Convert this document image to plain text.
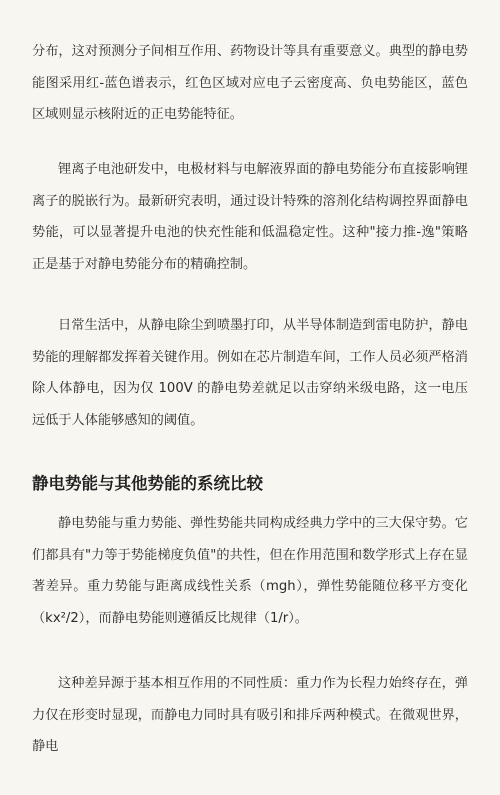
分布，这对预测分子间相互作用、药物设计等具有重要意义。典型的静电势能图采用红-蓝色谱表示，红色区域对应电子云密度高、负电势能区，蓝色区域则显示核附近的正电势能特征。

锂离子电池研发中，电极材料与电解液界面的静电势能分布直接影响锂离子的脱嵌行为。最新研究表明，通过设计特殊的溶剂化结构调控界面静电势能，可以显著提升电池的快充性能和低温稳定性。这种"接力推-逸"策略正是基于对静电势能分布的精确控制。

日常生活中，从静电除尘到喷墨打印，从半导体制造到雷电防护，静电势能的理解都发挥着关键作用。例如在芯片制造车间，工作人员必须严格消除人体静电，因为仅 100V 的静电势差就足以击穿纳米级电路，这一电压远低于人体能够感知的阈值。

静电势能与其他势能的系统比较

静电势能与重力势能、弹性势能共同构成经典力学中的三大保守势。它们都具有"力等于势能梯度负值"的共性，但在作用范围和数学形式上存在显著差异。重力势能与距离成线性关系（mgh），弹性势能随位移平方变化（kx²/2），而静电势能则遵循反比规律（1/r）。

这种差异源于基本相互作用的不同性质：重力作为长程力始终存在，弹力仅在形变时显现，而静电力同时具有吸引和排斥两种模式。在微观世界，静电
